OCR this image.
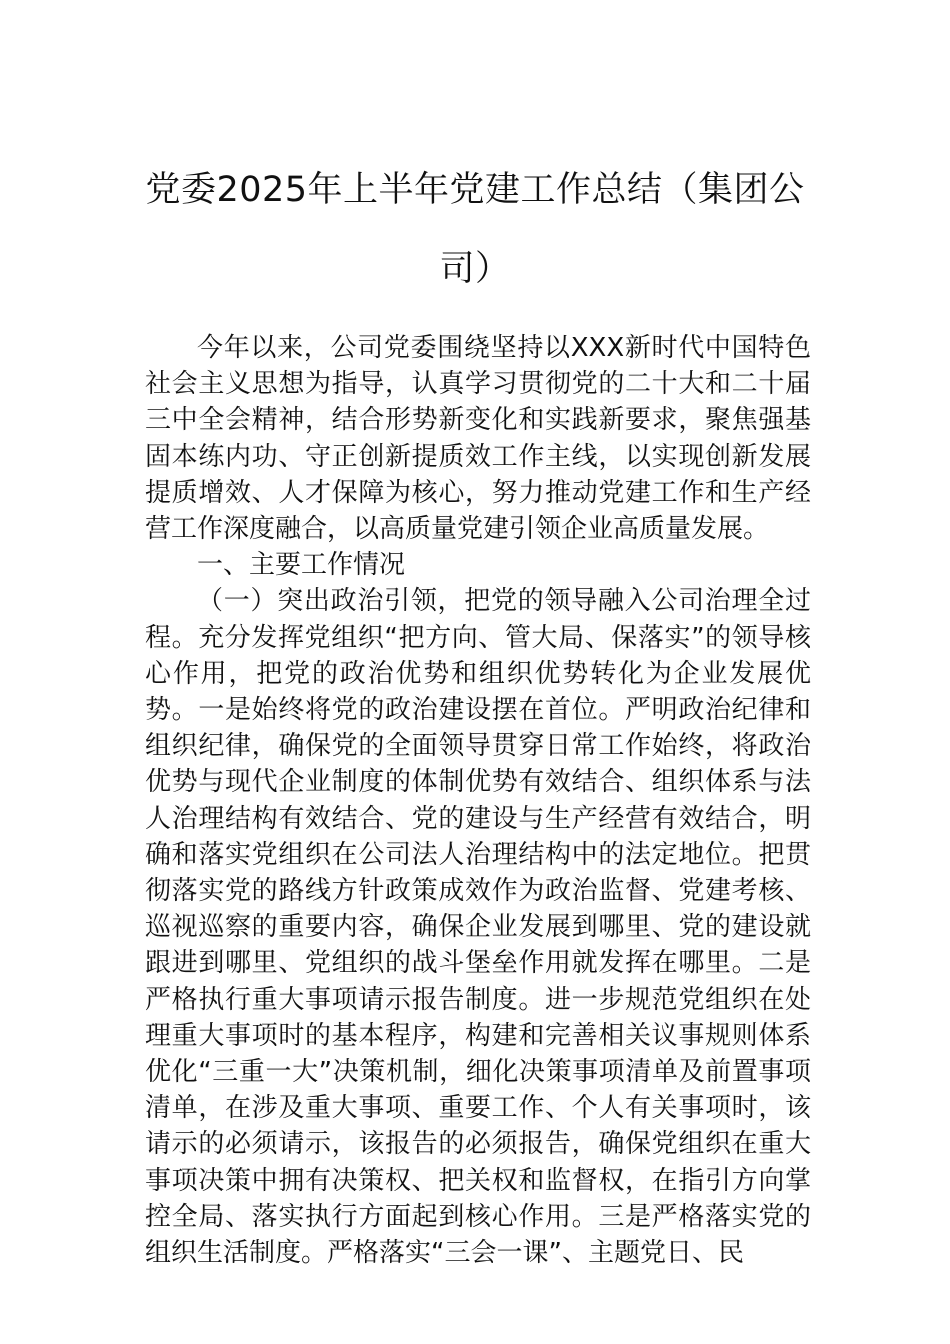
党委2025年上半年党建工作总结（集团公
司）

今年以来，公司党委围绕坚持以XXX新时代中国特色社会主义思想为指导，认真学习贯彻党的二十大和二十届三中全会精神，结合形势新变化和实践新要求，聚焦强基固本练内功、守正创新提质效工作主线，以实现创新发展提质增效、人才保障为核心，努力推动党建工作和生产经营工作深度融合，以高质量党建引领企业高质量发展。

一、主要工作情况

（一）突出政治引领，把党的领导融入公司治理全过程。充分发挥党组织“把方向、管大局、保落实”的领导核心作用，把党的政治优势和组织优势转化为企业发展优势。一是始终将党的政治建设摆在首位。严明政治纪律和组织纪律，确保党的全面领导贯穿日常工作始终，将政治优势与现代企业制度的体制优势有效结合、组织体系与法人治理结构有效结合、党的建设与生产经营有效结合，明确和落实党组织在公司法人治理结构中的法定地位。把贯彻落实党的路线方针政策成效作为政治监督、党建考核、巡视巡察的重要内容，确保企业发展到哪里、党的建设就跟进到哪里、党组织的战斗堡垒作用就发挥在哪里。二是严格执行重大事项请示报告制度。进一步规范党组织在处理重大事项时的基本程序，构建和完善相关议事规则体系优化“三重一大”决策机制，细化决策事项清单及前置事项清单，在涉及重大事项、重要工作、个人有关事项时，该请示的必须请示，该报告的必须报告，确保党组织在重大事项决策中拥有决策权、把关权和监督权，在指引方向掌控全局、落实执行方面起到核心作用。三是严格落实党的组织生活制度。严格落实“三会一课”、主题党日、民
